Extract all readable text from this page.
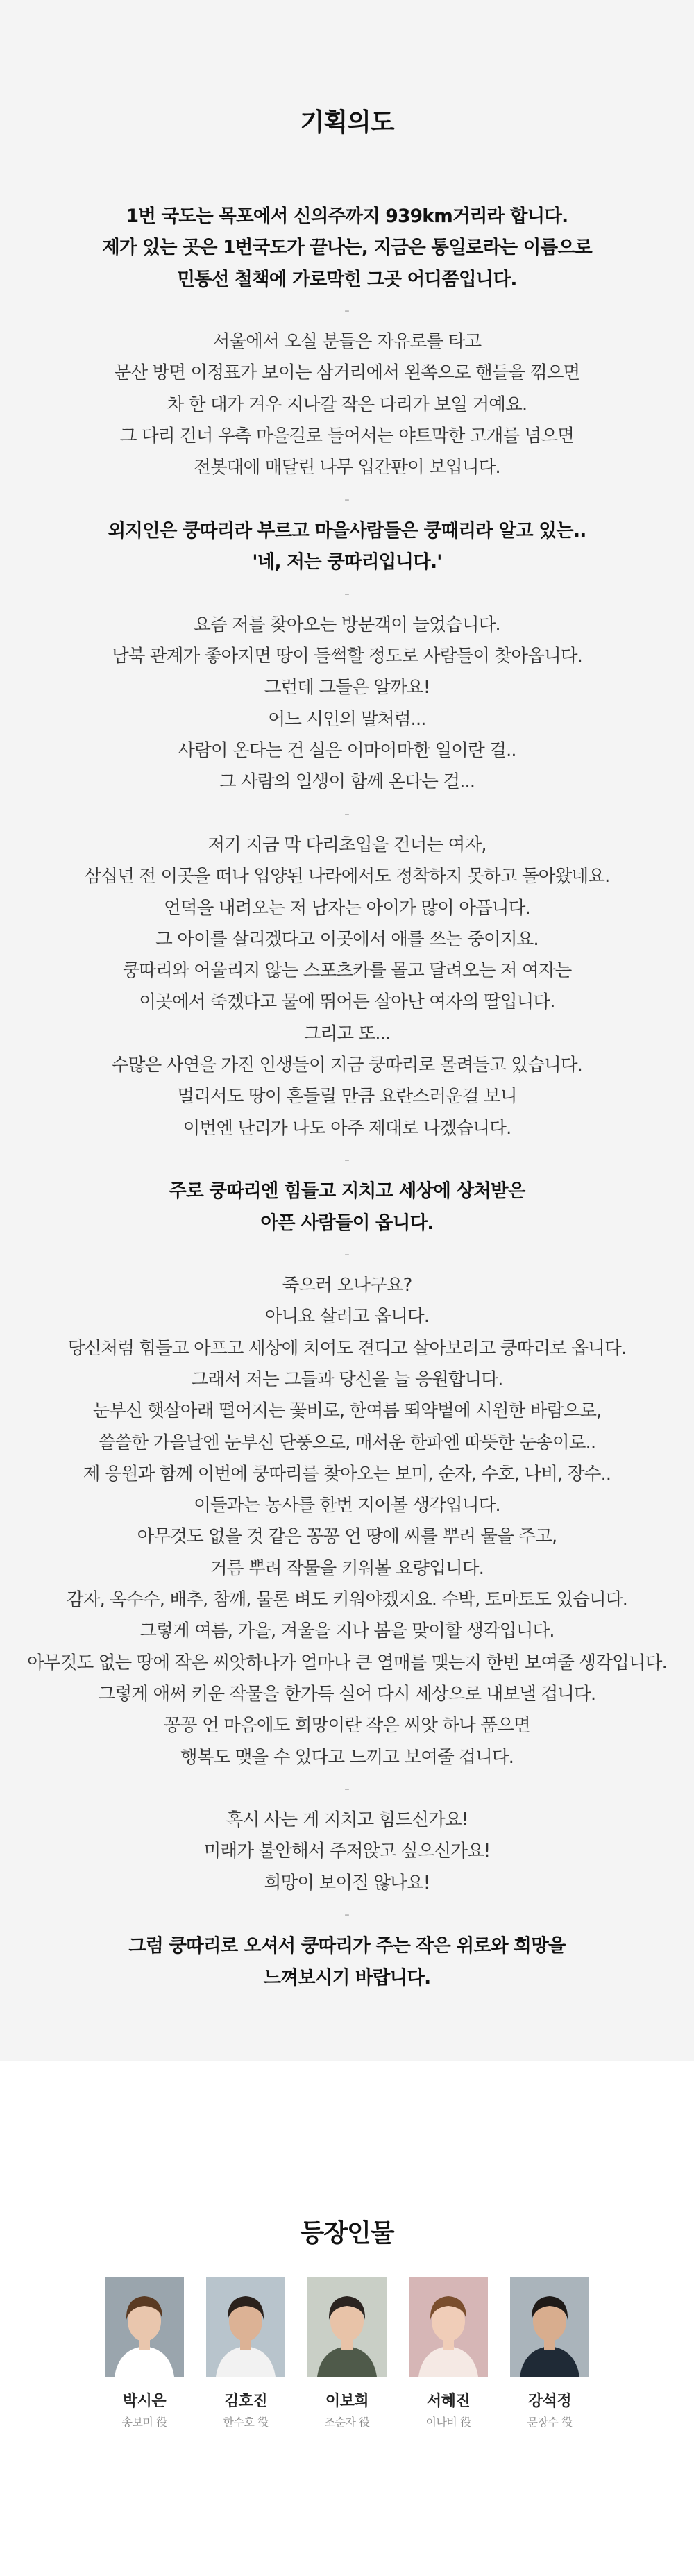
기획의도
1번 국도는 목포에서 신의주까지 939km거리라 합니다.
제가 있는 곳은 1번국도가 끝나는, 지금은 통일로라는 이름으로
민통선 철책에 가로막힌 그곳 어디쯤입니다.
-
서울에서 오실 분들은 자유로를 타고
문산 방면 이정표가 보이는 삼거리에서 왼쪽으로 핸들을 꺾으면
차 한 대가 겨우 지나갈 작은 다리가 보일 거예요.
그 다리 건너 우측 마을길로 들어서는 야트막한 고개를 넘으면
전봇대에 매달린 나무 입간판이 보입니다.
-
외지인은 쿵따리라 부르고 마을사람들은 쿵때리라 알고 있는..
'네, 저는 쿵따리입니다.'
-
요즘 저를 찾아오는 방문객이 늘었습니다.
남북 관계가 좋아지면 땅이 들썩할 정도로 사람들이 찾아옵니다.
그런데 그들은 알까요!
어느 시인의 말처럼...
사람이 온다는 건 실은 어마어마한 일이란 걸..
그 사람의 일생이 함께 온다는 걸...
-
저기 지금 막 다리초입을 건너는 여자,
삼십년 전 이곳을 떠나 입양된 나라에서도 정착하지 못하고 돌아왔네요.
언덕을 내려오는 저 남자는 아이가 많이 아픕니다.
그 아이를 살리겠다고 이곳에서 애를 쓰는 중이지요.
쿵따리와 어울리지 않는 스포츠카를 몰고 달려오는 저 여자는
이곳에서 죽겠다고 물에 뛰어든 살아난 여자의 딸입니다.
그리고 또...
수많은 사연을 가진 인생들이 지금 쿵따리로 몰려들고 있습니다.
멀리서도 땅이 흔들릴 만큼 요란스러운걸 보니
이번엔 난리가 나도 아주 제대로 나겠습니다.
-
주로 쿵따리엔 힘들고 지치고 세상에 상처받은
아픈 사람들이 옵니다.
-
죽으러 오나구요?
아니요 살려고 옵니다.
당신처럼 힘들고 아프고 세상에 치여도 견디고 살아보려고 쿵따리로 옵니다.
그래서 저는 그들과 당신을 늘 응원합니다.
눈부신 햇살아래 떨어지는 꽃비로, 한여름 뙤약볕에 시원한 바람으로,
쓸쓸한 가을날엔 눈부신 단풍으로, 매서운 한파엔 따뜻한 눈송이로..
제 응원과 함께 이번에 쿵따리를 찾아오는 보미, 순자, 수호, 나비, 장수..
이들과는 농사를 한번 지어볼 생각입니다.
아무것도 없을 것 같은 꽁꽁 언 땅에 씨를 뿌려 물을 주고,
거름 뿌려 작물을 키워볼 요량입니다.
감자, 옥수수, 배추, 참깨, 물론 벼도 키워야겠지요. 수박, 토마토도 있습니다.
그렇게 여름, 가을, 겨울을 지나 봄을 맞이할 생각입니다.
아무것도 없는 땅에 작은 씨앗하나가 얼마나 큰 열매를 맺는지 한번 보여줄 생각입니다.
그렇게 애써 키운 작물을 한가득 실어 다시 세상으로 내보낼 겁니다.
꽁꽁 언 마음에도 희망이란 작은 씨앗 하나 품으면
행복도 맺을 수 있다고 느끼고 보여줄 겁니다.
-
혹시 사는 게 지치고 힘드신가요!
미래가 불안해서 주저앉고 싶으신가요!
희망이 보이질 않나요!
-
그럼 쿵따리로 오셔서 쿵따리가 주는 작은 위로와 희망을
느껴보시기 바랍니다.
등장인물
박시은
송보미 役
김호진
한수호 役
이보희
조순자 役
서혜진
이나비 役
강석정
문장수 役
